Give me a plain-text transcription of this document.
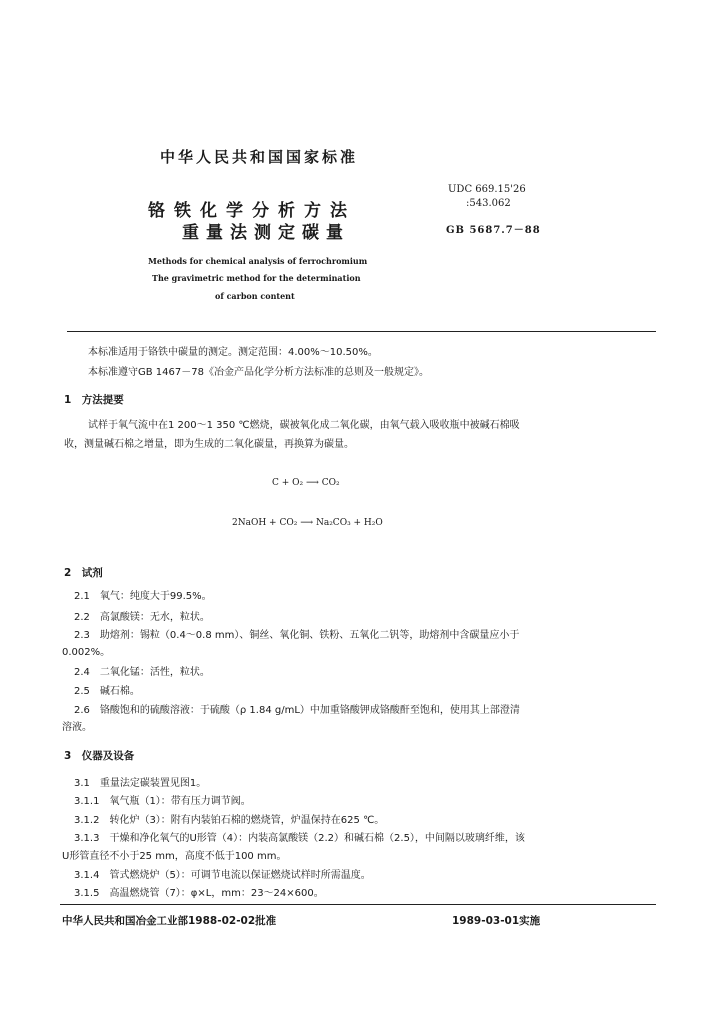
中华人民共和国国家标准
铬铁化学分析方法
重量法测定碳量
UDC 669.15'26
:543.062
GB 5687.7－88
Methods for chemical analysis of ferrochromium
The gravimetric method for the determination
of carbon content
本标准适用于铬铁中碳量的测定。测定范围：4.00%～10.50%。
本标准遵守GB 1467－78《冶金产品化学分析方法标准的总则及一般规定》。
1　方法提要
试样于氧气流中在1 200～1 350 ℃燃烧，碳被氧化成二氧化碳，由氧气载入吸收瓶中被碱石棉吸
收，测量碱石棉之增量，即为生成的二氧化碳量，再换算为碳量。
C + O₂ ⟶ CO₂
2NaOH + CO₂ ⟶ Na₂CO₃ + H₂O
2　试剂
2.1　氧气：纯度大于99.5%。
2.2　高氯酸镁：无水，粒状。
2.3　助熔剂：锡粒（0.4～0.8 mm）、铜丝、氧化铜、铁粉、五氧化二钒等，助熔剂中含碳量应小于
0.002%。
2.4　二氧化锰：活性，粒状。
2.5　碱石棉。
2.6　铬酸饱和的硫酸溶液：于硫酸（ρ 1.84 g/mL）中加重铬酸钾成铬酸酐至饱和，使用其上部澄清
溶液。
3　仪器及设备
3.1　重量法定碳装置见图1。
3.1.1　氧气瓶（1）：带有压力调节阀。
3.1.2　转化炉（3）：附有内装铂石棉的燃烧管，炉温保持在625 ℃。
3.1.3　干燥和净化氧气的U形管（4）：内装高氯酸镁（2.2）和碱石棉（2.5），中间隔以玻璃纤维，该
U形管直径不小于25 mm，高度不低于100 mm。
3.1.4　管式燃烧炉（5）：可调节电流以保证燃烧试样时所需温度。
3.1.5　高温燃烧管（7）：φ×L，mm：23～24×600。
中华人民共和国冶金工业部1988-02-02批准	1989-03-01实施
